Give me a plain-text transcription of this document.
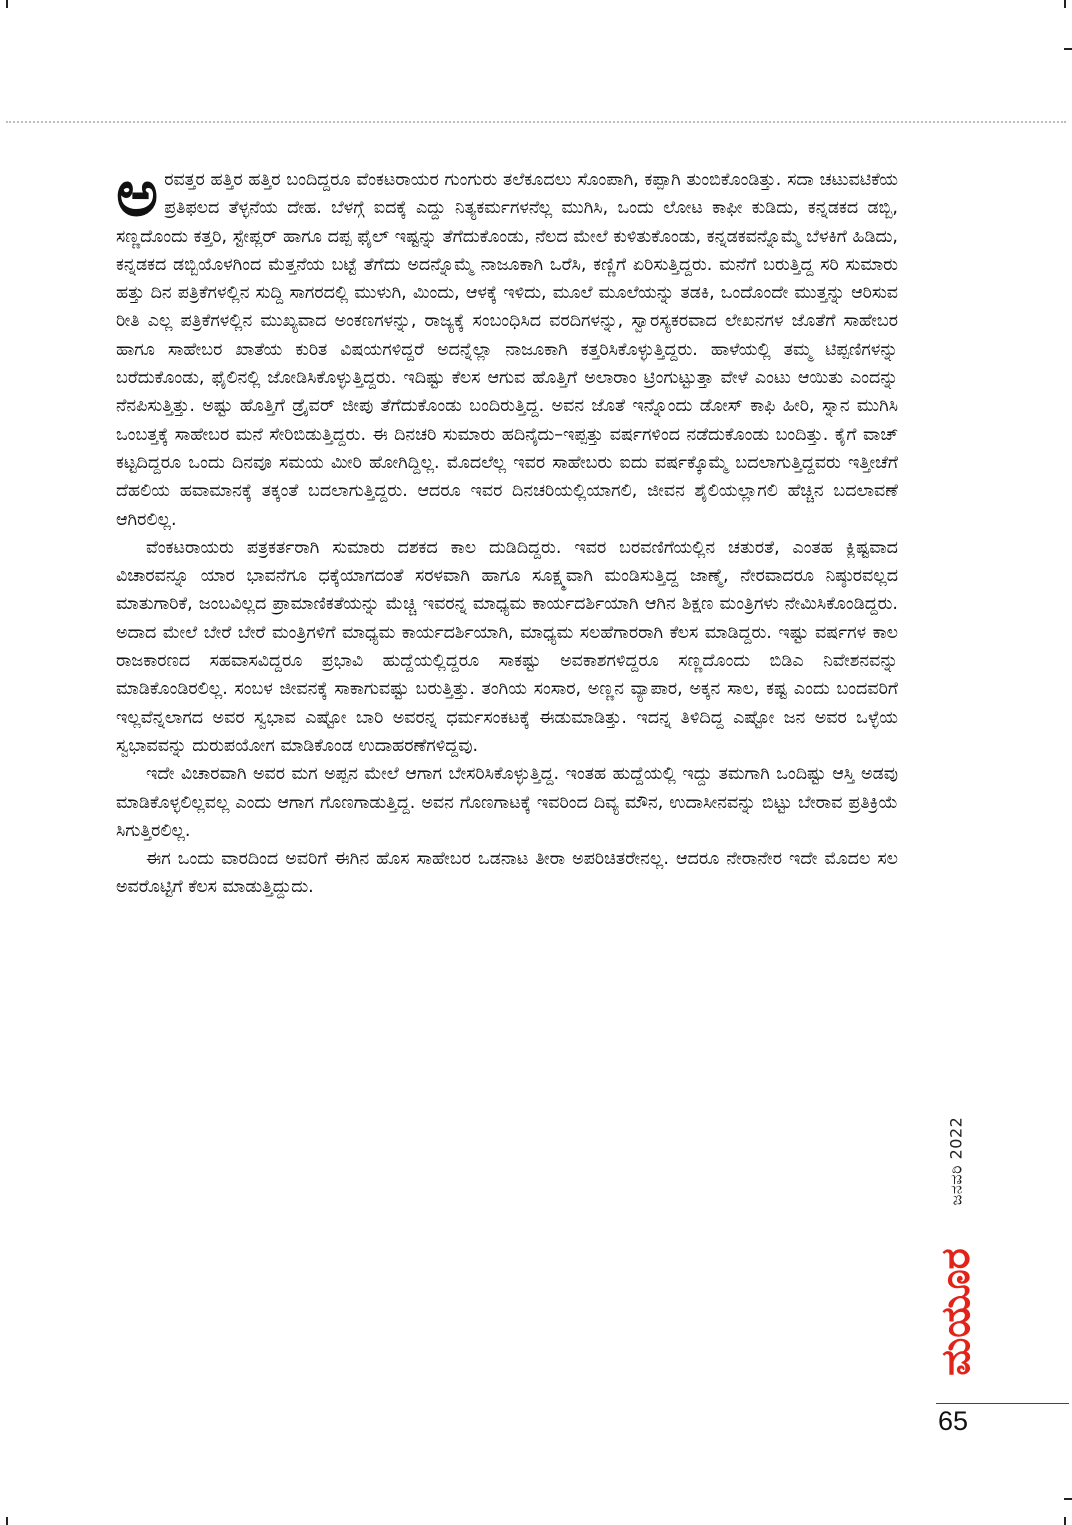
ಅರವತ್ತರ ಹತ್ತಿರ ಹತ್ತಿರ ಬಂದಿದ್ದರೂ ವೆಂಕಟರಾಯರ ಗುಂಗುರು ತಲೆಕೂದಲು ಸೊಂಪಾಗಿ, ಕಪ್ಪಾಗಿ ತುಂಬಿಕೊಂಡಿತ್ತು. ಸದಾ ಚಟುವಟಿಕೆಯ ಪ್ರತಿಫಲದ ತೆಳ್ಳನೆಯ ದೇಹ. ಬೆಳಗ್ಗೆ ಐದಕ್ಕೆ ಎದ್ದು ನಿತ್ಯಕರ್ಮಗಳನೆಲ್ಲ ಮುಗಿಸಿ, ಒಂದು ಲೋಟ ಕಾಫೀ ಕುಡಿದು, ಕನ್ನಡಕದ ಡಬ್ಬಿ, ಸಣ್ಣದೊಂದು ಕತ್ತರಿ, ಸ್ಟೇಪ್ಲರ್ ಹಾಗೂ ದಪ್ಪ ಫೈಲ್ ಇಷ್ಟನ್ನು ತೆಗೆದುಕೊಂಡು, ನೆಲದ ಮೇಲೆ ಕುಳಿತುಕೊಂಡು, ಕನ್ನಡಕವನ್ನೊಮ್ಮೆ ಬೆಳಕಿಗೆ ಹಿಡಿದು, ಕನ್ನಡಕದ ಡಬ್ಬಿಯೊಳಗಿಂದ ಮೆತ್ತನೆಯ ಬಟ್ಟೆ ತೆಗೆದು ಅದನ್ನೊಮ್ಮೆ ನಾಜೂಕಾಗಿ ಒರೆಸಿ, ಕಣ್ಣಿಗೆ ಏರಿಸುತ್ತಿದ್ದರು. ಮನೆಗೆ ಬರುತ್ತಿದ್ದ ಸರಿ ಸುಮಾರು ಹತ್ತು ದಿನ ಪತ್ರಿಕೆಗಳಲ್ಲಿನ ಸುದ್ದಿ ಸಾಗರದಲ್ಲಿ ಮುಳುಗಿ, ಮಿಂದು, ಆಳಕ್ಕೆ ಇಳಿದು, ಮೂಲೆ ಮೂಲೆಯನ್ನು ತಡಕಿ, ಒಂದೊಂದೇ ಮುತ್ತನ್ನು ಆರಿಸುವ ರೀತಿ ಎಲ್ಲ ಪತ್ರಿಕೆಗಳಲ್ಲಿನ ಮುಖ್ಯವಾದ ಅಂಕಣಗಳನ್ನು, ರಾಜ್ಯಕ್ಕೆ ಸಂಬಂಧಿಸಿದ ವರದಿಗಳನ್ನು, ಸ್ವಾರಸ್ಯಕರವಾದ ಲೇಖನಗಳ ಜೊತೆಗೆ ಸಾಹೇಬರ ಹಾಗೂ ಸಾಹೇಬರ ಖಾತೆಯ ಕುರಿತ ವಿಷಯಗಳಿದ್ದರೆ ಅದನ್ನೆಲ್ಲಾ ನಾಜೂಕಾಗಿ ಕತ್ತರಿಸಿಕೊಳ್ಳುತ್ತಿದ್ದರು. ಹಾಳೆಯಲ್ಲಿ ತಮ್ಮ ಟಿಪ್ಪಣಿಗಳನ್ನು ಬರೆದುಕೊಂಡು, ಫೈಲಿನಲ್ಲಿ ಜೋಡಿಸಿಕೊಳ್ಳುತ್ತಿದ್ದರು. ಇದಿಷ್ಟು ಕೆಲಸ ಆಗುವ ಹೊತ್ತಿಗೆ ಅಲಾರಾಂ ಟ್ರಿಂಗುಟ್ಟುತ್ತಾ ವೇಳೆ ಎಂಟು ಆಯಿತು ಎಂದನ್ನು ನೆನಪಿಸುತ್ತಿತ್ತು. ಅಷ್ಟು ಹೊತ್ತಿಗೆ ಡ್ರೈವರ್ ಜೀಪು ತೆಗೆದುಕೊಂಡು ಬಂದಿರುತ್ತಿದ್ದ. ಅವನ ಜೊತೆ ಇನ್ನೊಂದು ಡೋಸ್ ಕಾಫಿ ಹೀರಿ, ಸ್ನಾನ ಮುಗಿಸಿ ಒಂಬತ್ತಕ್ಕೆ ಸಾಹೇಬರ ಮನೆ ಸೇರಿಬಿಡುತ್ತಿದ್ದರು. ಈ ದಿನಚರಿ ಸುಮಾರು ಹದಿನೈದು–ಇಪ್ಪತ್ತು ವರ್ಷಗಳಿಂದ ನಡೆದುಕೊಂಡು ಬಂದಿತ್ತು. ಕೈಗೆ ವಾಚ್ ಕಟ್ಟದಿದ್ದರೂ ಒಂದು ದಿನವೂ ಸಮಯ ಮೀರಿ ಹೋಗಿದ್ದಿಲ್ಲ. ಮೊದಲೆಲ್ಲ ಇವರ ಸಾಹೇಬರು ಐದು ವರ್ಷಕ್ಕೊಮ್ಮೆ ಬದಲಾಗುತ್ತಿದ್ದವರು ಇತ್ತೀಚೆಗೆ ದೆಹಲಿಯ ಹವಾಮಾನಕ್ಕೆ ತಕ್ಕಂತೆ ಬದಲಾಗುತ್ತಿದ್ದರು. ಆದರೂ ಇವರ ದಿನಚರಿಯಲ್ಲಿಯಾಗಲಿ, ಜೀವನ ಶೈಲಿಯಲ್ಲಾಗಲಿ ಹೆಚ್ಚಿನ ಬದಲಾವಣೆ ಆಗಿರಲಿಲ್ಲ.

ವೆಂಕಟರಾಯರು ಪತ್ರಕರ್ತರಾಗಿ ಸುಮಾರು ದಶಕದ ಕಾಲ ದುಡಿದಿದ್ದರು. ಇವರ ಬರವಣಿಗೆಯಲ್ಲಿನ ಚತುರತೆ, ಎಂತಹ ಕ್ಲಿಷ್ಟವಾದ ವಿಚಾರವನ್ನೂ ಯಾರ ಭಾವನೆಗೂ ಧಕ್ಕೆಯಾಗದಂತೆ ಸರಳವಾಗಿ ಹಾಗೂ ಸೂಕ್ಷ್ಮವಾಗಿ ಮಂಡಿಸುತ್ತಿದ್ದ ಜಾಣ್ಮೆ, ನೇರವಾದರೂ ನಿಷ್ಠುರವಲ್ಲದ ಮಾತುಗಾರಿಕೆ, ಜಂಬವಿಲ್ಲದ ಪ್ರಾಮಾಣಿಕತೆಯನ್ನು ಮೆಚ್ಚಿ ಇವರನ್ನ ಮಾಧ್ಯಮ ಕಾರ್ಯದರ್ಶಿಯಾಗಿ ಆಗಿನ ಶಿಕ್ಷಣ ಮಂತ್ರಿಗಳು ನೇಮಿಸಿಕೊಂಡಿದ್ದರು. ಅದಾದ ಮೇಲೆ ಬೇರೆ ಬೇರೆ ಮಂತ್ರಿಗಳಿಗೆ ಮಾಧ್ಯಮ ಕಾರ್ಯದರ್ಶಿಯಾಗಿ, ಮಾಧ್ಯಮ ಸಲಹೆಗಾರರಾಗಿ ಕೆಲಸ ಮಾಡಿದ್ದರು. ಇಷ್ಟು ವರ್ಷಗಳ ಕಾಲ ರಾಜಕಾರಣದ ಸಹವಾಸವಿದ್ದರೂ ಪ್ರಭಾವಿ ಹುದ್ದೆಯಲ್ಲಿದ್ದರೂ ಸಾಕಷ್ಟು ಅವಕಾಶಗಳಿದ್ದರೂ ಸಣ್ಣದೊಂದು ಬಿಡಿಎ ನಿವೇಶನವನ್ನು ಮಾಡಿಕೊಂಡಿರಲಿಲ್ಲ. ಸಂಬಳ ಜೀವನಕ್ಕೆ ಸಾಕಾಗುವಷ್ಟು ಬರುತ್ತಿತ್ತು. ತಂಗಿಯ ಸಂಸಾರ, ಅಣ್ಣನ ವ್ಯಾಪಾರ, ಅಕ್ಕನ ಸಾಲ, ಕಷ್ಟ ಎಂದು ಬಂದವರಿಗೆ ಇಲ್ಲವೆನ್ನಲಾಗದ ಅವರ ಸ್ವಭಾವ ಎಷ್ಟೋ ಬಾರಿ ಅವರನ್ನ ಧರ್ಮಸಂಕಟಕ್ಕೆ ಈಡುಮಾಡಿತ್ತು. ಇದನ್ನ ತಿಳಿದಿದ್ದ ಎಷ್ಟೋ ಜನ ಅವರ ಒಳ್ಳೆಯ ಸ್ವಭಾವವನ್ನು ದುರುಪಯೋಗ ಮಾಡಿಕೊಂಡ ಉದಾಹರಣೆಗಳಿದ್ದವು.

ಇದೇ ವಿಚಾರವಾಗಿ ಅವರ ಮಗ ಅಪ್ಪನ ಮೇಲೆ ಆಗಾಗ ಬೇಸರಿಸಿಕೊಳ್ಳುತ್ತಿದ್ದ. ಇಂತಹ ಹುದ್ದೆಯಲ್ಲಿ ಇದ್ದು ತಮಗಾಗಿ ಒಂದಿಷ್ಟು ಆಸ್ತಿ ಅಡವು ಮಾಡಿಕೊಳ್ಳಲಿಲ್ಲವಲ್ಲ ಎಂದು ಆಗಾಗ ಗೊಣಗಾಡುತ್ತಿದ್ದ. ಅವನ ಗೊಣಗಾಟಕ್ಕೆ ಇವರಿಂದ ದಿವ್ಯ ಮೌನ, ಉದಾಸೀನವನ್ನು ಬಿಟ್ಟು ಬೇರಾವ ಪ್ರತಿಕ್ರಿಯೆ ಸಿಗುತ್ತಿರಲಿಲ್ಲ.

ಈಗ ಒಂದು ವಾರದಿಂದ ಅವರಿಗೆ ಈಗಿನ ಹೊಸ ಸಾಹೇಬರ ಒಡನಾಟ ತೀರಾ ಅಪರಿಚಿತರೇನಲ್ಲ. ಆದರೂ ನೇರಾನೇರ ಇದೇ ಮೊದಲ ಸಲ ಅವರೊಟ್ಟಿಗೆ ಕೆಲಸ ಮಾಡುತ್ತಿದ್ದುದು.

ಜನವರಿ 2022
ಮಯೂರ
65
